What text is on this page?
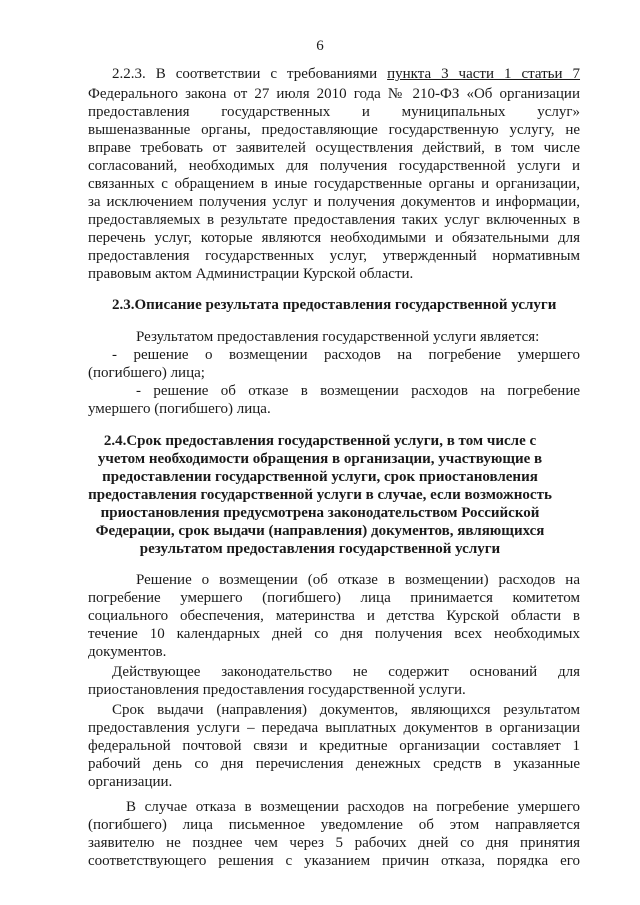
6
2.2.3. В соответствии с требованиями пункта 3 части 1 статьи 7
Федерального закона от 27 июля 2010 года № 210-ФЗ «Об организации
предоставления государственных и муниципальных услуг»
вышеназванные органы, предоставляющие государственную услугу, не
вправе требовать от заявителей осуществления действий, в том числе
согласований, необходимых для получения государственной услуги и
связанных с обращением в иные государственные органы и организации,
за исключением получения услуг и получения документов и информации,
предоставляемых в результате предоставления таких услуг включенных в
перечень услуг, которые являются необходимыми и обязательными для
предоставления государственных услуг, утвержденный нормативным
правовым актом Администрации Курской области.
2.3.Описание результата предоставления государственной услуги
Результатом предоставления государственной услуги является:
- решение о возмещении расходов на погребение умершего
(погибшего) лица;
- решение об отказе в возмещении расходов на погребение
умершего (погибшего) лица.
2.4.Срок предоставления государственной услуги, в том числе с
учетом необходимости обращения в организации, участвующие в
предоставлении государственной услуги, срок приостановления
предоставления государственной услуги в случае, если возможность
приостановления предусмотрена законодательством Российской
Федерации, срок выдачи (направления) документов, являющихся
результатом предоставления государственной услуги
Решение о возмещении (об отказе в возмещении) расходов на
погребение умершего (погибшего) лица принимается комитетом
социального обеспечения, материнства и детства Курской области в
течение 10 календарных дней со дня получения всех необходимых
документов.
Действующее законодательство не содержит оснований для
приостановления предоставления государственной услуги.
Срок выдачи (направления) документов, являющихся результатом
предоставления услуги – передача выплатных документов в организации
федеральной почтовой связи и кредитные организации составляет 1
рабочий день со дня перечисления денежных средств в указанные
организации.
В случае отказа в возмещении расходов на погребение умершего
(погибшего) лица письменное уведомление об этом направляется
заявителю не позднее чем через 5 рабочих дней со дня принятия
соответствующего решения с указанием причин отказа, порядка его
